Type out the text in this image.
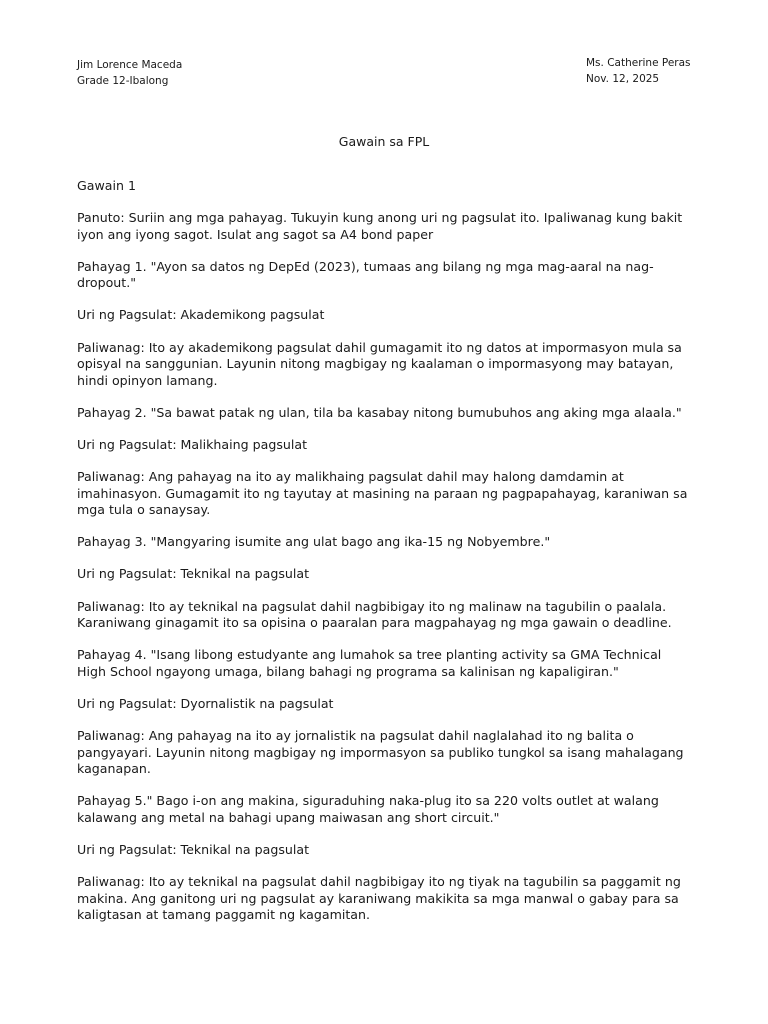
Jim Lorence Maceda
Grade 12-Ibalong
Ms. Catherine Peras
Nov. 12, 2025
Gawain sa FPL

Gawain 1

Panuto: Suriin ang mga pahayag. Tukuyin kung anong uri ng pagsulat ito. Ipaliwanag kung bakit iyon ang iyong sagot. Isulat ang sagot sa A4 bond paper

Pahayag 1. "Ayon sa datos ng DepEd (2023), tumaas ang bilang ng mga mag-aaral na nag-dropout."

Uri ng Pagsulat: Akademikong pagsulat

Paliwanag: Ito ay akademikong pagsulat dahil gumagamit ito ng datos at impormasyon mula sa opisyal na sanggunian. Layunin nitong magbigay ng kaalaman o impormasyong may batayan, hindi opinyon lamang.

Pahayag 2. "Sa bawat patak ng ulan, tila ba kasabay nitong bumubuhos ang aking mga alaala."

Uri ng Pagsulat: Malikhaing pagsulat

Paliwanag: Ang pahayag na ito ay malikhaing pagsulat dahil may halong damdamin at imahinasyon. Gumagamit ito ng tayutay at masining na paraan ng pagpapahayag, karaniwan sa mga tula o sanaysay.

Pahayag 3. "Mangyaring isumite ang ulat bago ang ika-15 ng Nobyembre."

Uri ng Pagsulat: Teknikal na pagsulat

Paliwanag: Ito ay teknikal na pagsulat dahil nagbibigay ito ng malinaw na tagubilin o paalala. Karaniwang ginagamit ito sa opisina o paaralan para magpahayag ng mga gawain o deadline.

Pahayag 4. "Isang libong estudyante ang lumahok sa tree planting activity sa GMA Technical High School ngayong umaga, bilang bahagi ng programa sa kalinisan ng kapaligiran."

Uri ng Pagsulat: Dyornalistik na pagsulat

Paliwanag: Ang pahayag na ito ay jornalistik na pagsulat dahil naglalahad ito ng balita o pangyayari. Layunin nitong magbigay ng impormasyon sa publiko tungkol sa isang mahalagang kaganapan.

Pahayag 5." Bago i-on ang makina, siguraduhing naka-plug ito sa 220 volts outlet at walang kalawang ang metal na bahagi upang maiwasan ang short circuit."

Uri ng Pagsulat: Teknikal na pagsulat

Paliwanag: Ito ay teknikal na pagsulat dahil nagbibigay ito ng tiyak na tagubilin sa paggamit ng makina. Ang ganitong uri ng pagsulat ay karaniwang makikita sa mga manwal o gabay para sa kaligtasan at tamang paggamit ng kagamitan.
